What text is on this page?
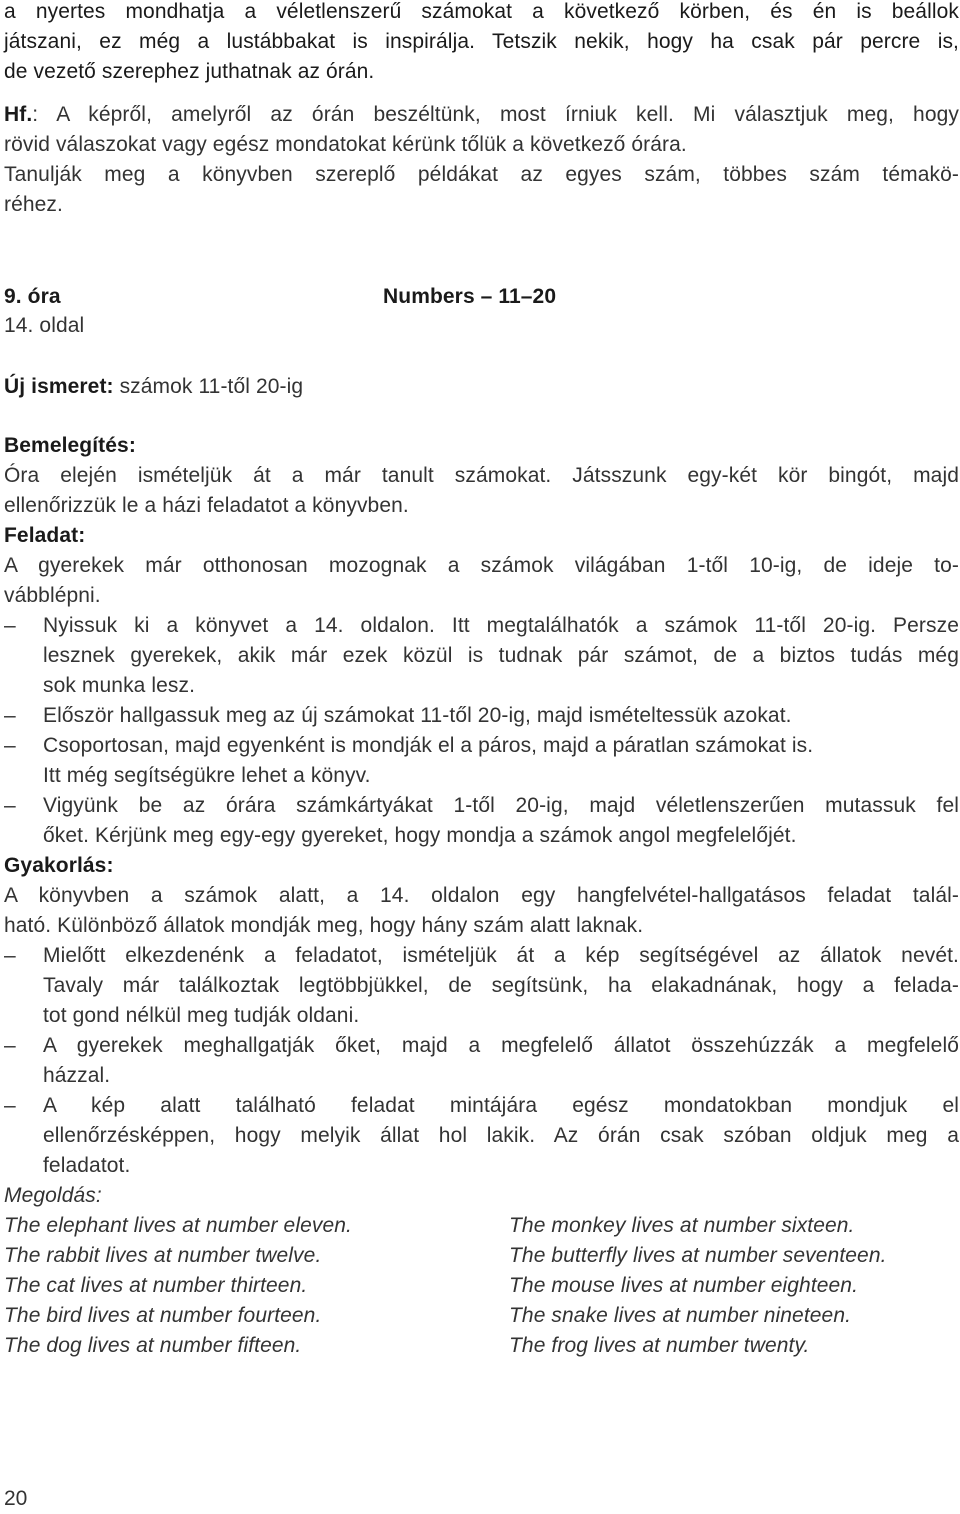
a nyertes mondhatja a véletlenszerű számokat a következő körben, és én is beállok
játszani, ez még a lustábbakat is inspirálja. Tetszik nekik, hogy ha csak pár percre is,
de vezető szerephez juthatnak az órán.
Hf.: A képről, amelyről az órán beszéltünk, most írniuk kell. Mi választjuk meg, hogy
rövid válaszokat vagy egész mondatokat kérünk tőlük a következő órára.
Tanulják meg a könyvben szereplő példákat az egyes szám, többes szám témakö-
réhez.
9. óra	Numbers – 11–20
14. oldal
Új ismeret: számok 11-től 20-ig
Bemelegítés:
Óra elején ismételjük át a már tanult számokat. Játsszunk egy-két kör bingót, majd
ellenőrizzük le a házi feladatot a könyvben.
Feladat:
A gyerekek már otthonosan mozognak a számok világában 1-től 10-ig, de ideje to-
vábblépni.
– Nyissuk ki a könyvet a 14. oldalon. Itt megtalálhatók a számok 11-től 20-ig. Persze
lesznek gyerekek, akik már ezek közül is tudnak pár számot, de a biztos tudás még
sok munka lesz.
– Először hallgassuk meg az új számokat 11-től 20-ig, majd ismételtessük azokat.
– Csoportosan, majd egyenként is mondják el a páros, majd a páratlan számokat is.
Itt még segítségükre lehet a könyv.
– Vigyünk be az órára számkártyákat 1-től 20-ig, majd véletlenszerűen mutassuk fel
őket. Kérjünk meg egy-egy gyereket, hogy mondja a számok angol megfelelőjét.
Gyakorlás:
A könyvben a számok alatt, a 14. oldalon egy hangfelvétel-hallgatásos feladat talál-
ható. Különböző állatok mondják meg, hogy hány szám alatt laknak.
– Mielőtt elkezdenénk a feladatot, ismételjük át a kép segítségével az állatok nevét.
Tavaly már találkoztak legtöbbjükkel, de segítsünk, ha elakadnának, hogy a felada-
tot gond nélkül meg tudják oldani.
– A gyerekek meghallgatják őket, majd a megfelelő állatot összehúzzák a megfelelő
házzal.
– A kép alatt található feladat mintájára egész mondatokban mondjuk el
ellenőrzésképpen, hogy melyik állat hol lakik. Az órán csak szóban oldjuk meg a
feladatot.
Megoldás:
The elephant lives at number eleven.
The rabbit lives at number twelve.
The cat lives at number thirteen.
The bird lives at number fourteen.
The dog lives at number fifteen.
The monkey lives at number sixteen.
The butterfly lives at number seventeen.
The mouse lives at number eighteen.
The snake lives at number nineteen.
The frog lives at number twenty.
20
